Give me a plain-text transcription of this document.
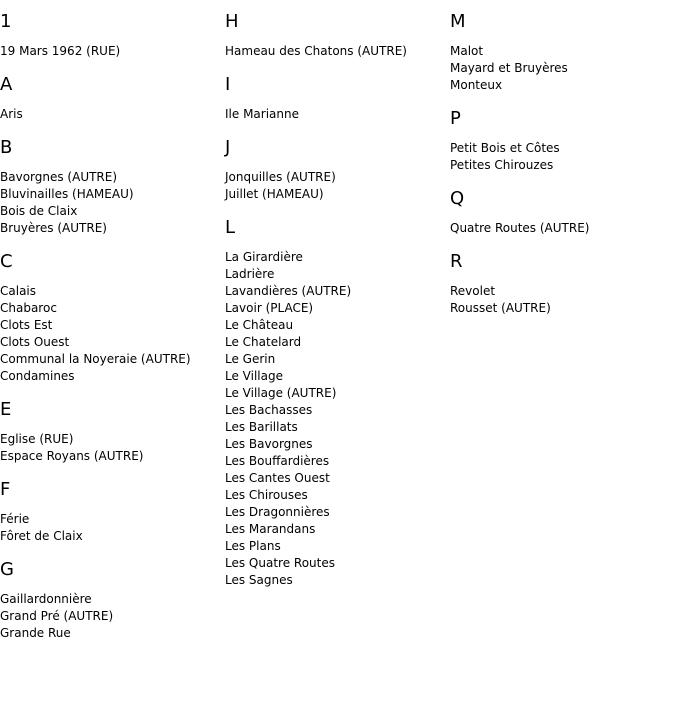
1
19 Mars 1962 (RUE)
A
Aris
B
Bavorgnes (AUTRE)
Bluvinailles (HAMEAU)
Bois de Claix
Bruyères (AUTRE)
C
Calais
Chabaroc
Clots Est
Clots Ouest
Communal la Noyeraie (AUTRE)
Condamines
E
Eglise (RUE)
Espace Royans (AUTRE)
F
Férie
Fôret de Claix
G
Gaillardonnière
Grand Pré (AUTRE)
Grande Rue
H
Hameau des Chatons (AUTRE)
I
Ile Marianne
J
Jonquilles (AUTRE)
Juillet (HAMEAU)
L
La Girardière
Ladrière
Lavandières (AUTRE)
Lavoir (PLACE)
Le Château
Le Chatelard
Le Gerin
Le Village
Le Village (AUTRE)
Les Bachasses
Les Barillats
Les Bavorgnes
Les Bouffardières
Les Cantes Ouest
Les Chirouses
Les Dragonnières
Les Marandans
Les Plans
Les Quatre Routes
Les Sagnes
M
Malot
Mayard et Bruyères
Monteux
P
Petit Bois et Côtes
Petites Chirouzes
Q
Quatre Routes (AUTRE)
R
Revolet
Rousset (AUTRE)
